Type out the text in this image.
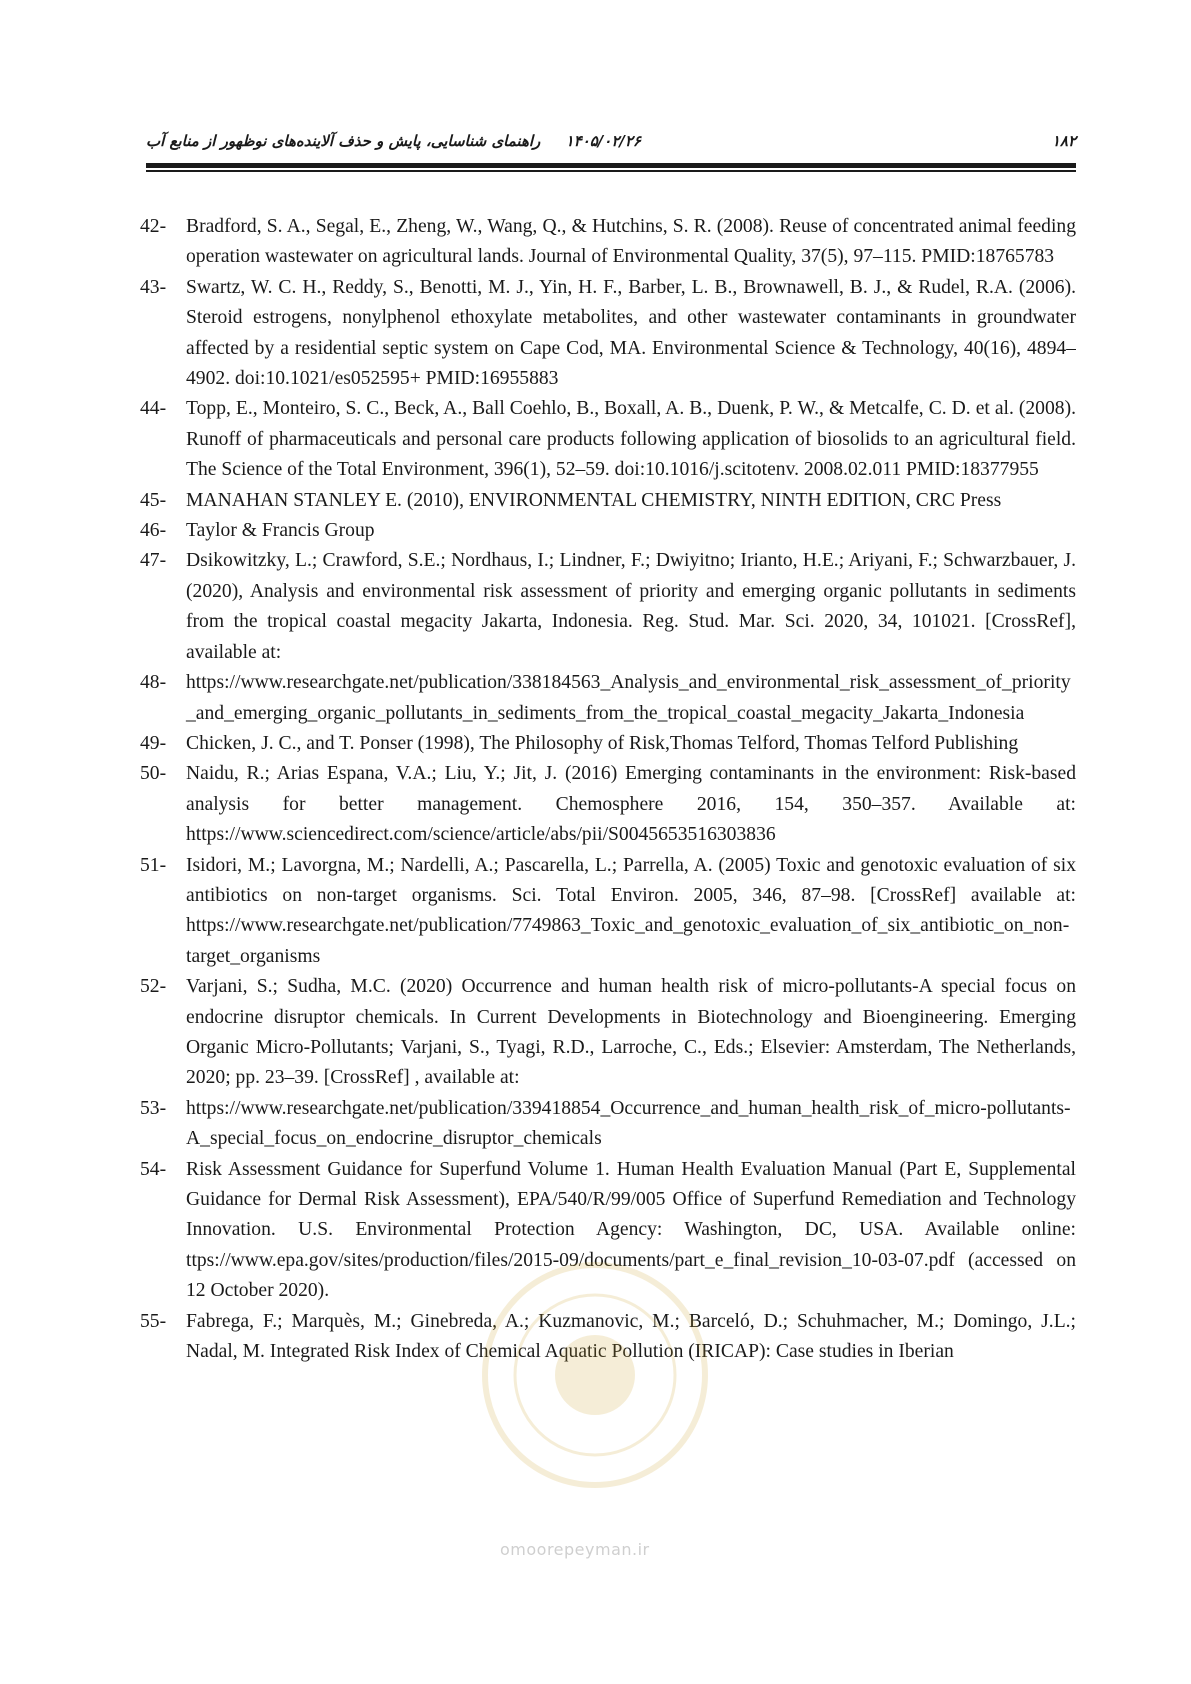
۱۸۲
۱۴۰۵/۰۲/۲۶
راهنمای شناسایی، پایش و حذف آلاینده‌های نوظهور از منابع آب
42-	Bradford, S. A., Segal, E., Zheng, W., Wang, Q., & Hutchins, S. R. (2008). Reuse of concentrated animal feeding operation wastewater on agricultural lands. Journal of Environmental Quality, 37(5), 97–115. PMID:18765783
43-	Swartz, W. C. H., Reddy, S., Benotti, M. J., Yin, H. F., Barber, L. B., Brownawell, B. J., & Rudel, R.A. (2006). Steroid estrogens, nonylphenol ethoxylate metabolites, and other wastewater contaminants in groundwater affected by a residential septic system on Cape Cod, MA. Environmental Science & Technology, 40(16), 4894–4902. doi:10.1021/es052595+ PMID:16955883
44-	Topp, E., Monteiro, S. C., Beck, A., Ball Coehlo, B., Boxall, A. B., Duenk, P. W., & Metcalfe, C. D. et al. (2008). Runoff of pharmaceuticals and personal care products following application of biosolids to an agricultural field. The Science of the Total Environment, 396(1), 52–59. doi:10.1016/j.scitotenv. 2008.02.011 PMID:18377955
45-	MANAHAN STANLEY E. (2010), ENVIRONMENTAL CHEMISTRY, NINTH EDITION, CRC Press
46-	Taylor & Francis Group
47-	Dsikowitzky, L.; Crawford, S.E.; Nordhaus, I.; Lindner, F.; Dwiyitno; Irianto, H.E.; Ariyani, F.; Schwarzbauer, J. (2020), Analysis and environmental risk assessment of priority and emerging organic pollutants in sediments from the tropical coastal megacity Jakarta, Indonesia. Reg. Stud. Mar. Sci. 2020, 34, 101021. [CrossRef], available at:
48-	https://www.researchgate.net/publication/338184563_Analysis_and_environmental_risk_assessment_of_priority_and_emerging_organic_pollutants_in_sediments_from_the_tropical_coastal_megacity_Jakarta_Indonesia
49-	Chicken, J. C., and T. Ponser (1998), The Philosophy of Risk,Thomas Telford, Thomas Telford Publishing
50-	Naidu, R.; Arias Espana, V.A.; Liu, Y.; Jit, J. (2016) Emerging contaminants in the environment: Risk-based analysis for better management. Chemosphere 2016, 154, 350–357. Available at: https://www.sciencedirect.com/science/article/abs/pii/S0045653516303836
51-	Isidori, M.; Lavorgna, M.; Nardelli, A.; Pascarella, L.; Parrella, A. (2005) Toxic and genotoxic evaluation of six antibiotics on non-target organisms. Sci. Total Environ. 2005, 346, 87–98. [CrossRef] available at: https://www.researchgate.net/publication/7749863_Toxic_and_genotoxic_evaluation_of_six_antibiotic_on_non-target_organisms
52-	Varjani, S.; Sudha, M.C. (2020) Occurrence and human health risk of micro-pollutants-A special focus on endocrine disruptor chemicals. In Current Developments in Biotechnology and Bioengineering. Emerging Organic Micro-Pollutants; Varjani, S., Tyagi, R.D., Larroche, C., Eds.; Elsevier: Amsterdam, The Netherlands, 2020; pp. 23–39. [CrossRef] , available at:
53-	https://www.researchgate.net/publication/339418854_Occurrence_and_human_health_risk_of_micro-pollutants-A_special_focus_on_endocrine_disruptor_chemicals
54-	Risk Assessment Guidance for Superfund Volume 1. Human Health Evaluation Manual (Part E, Supplemental Guidance for Dermal Risk Assessment), EPA/540/R/99/005 Office of Superfund Remediation and Technology Innovation. U.S. Environmental Protection Agency: Washington, DC, USA. Available online: ttps://www.epa.gov/sites/production/files/2015-09/documents/part_e_final_revision_10-03-07.pdf (accessed on 12 October 2020).
55-	Fabrega, F.; Marquès, M.; Ginebreda, A.; Kuzmanovic, M.; Barceló, D.; Schuhmacher, M.; Domingo, J.L.; Nadal, M. Integrated Risk Index of Chemical Aquatic Pollution (IRICAP): Case studies in Iberian
omoorepeyman.ir
